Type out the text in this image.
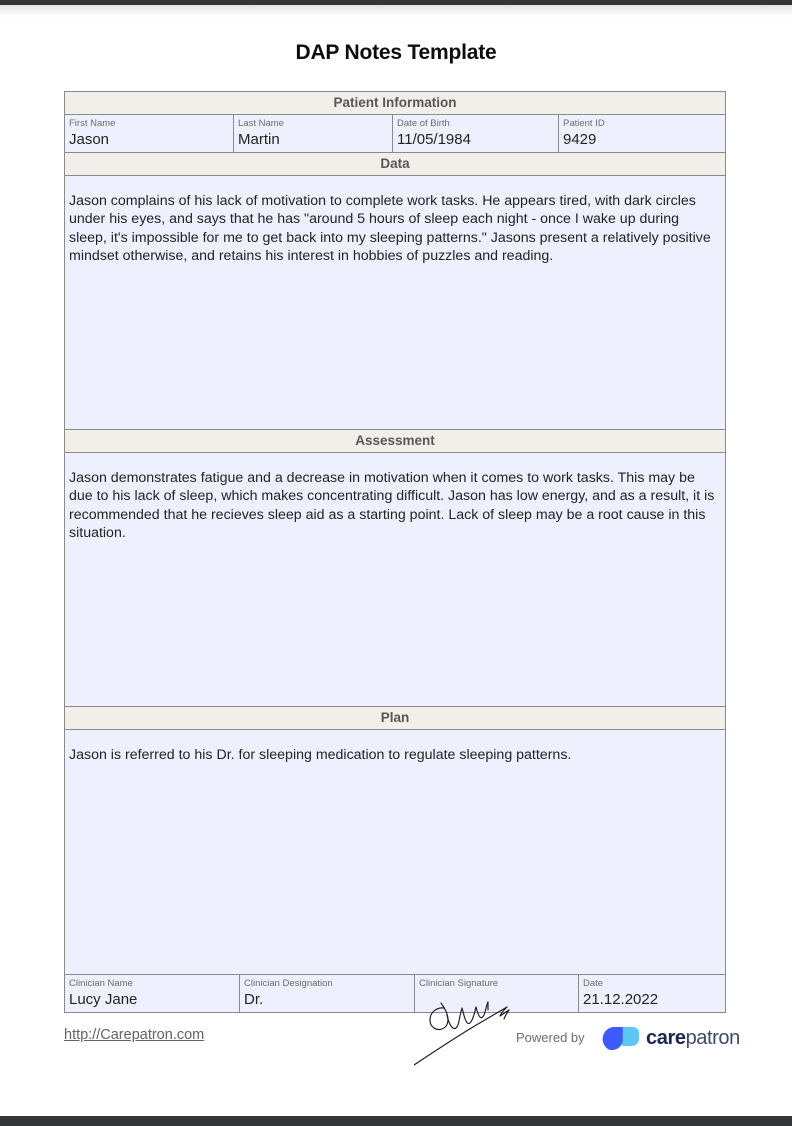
DAP Notes Template
Patient Information
First Name
Jason
Last Name
Martin
Date of Birth
11/05/1984
Patient ID
9429
Data

Jason complains of his lack of motivation to complete work tasks. He appears tired, with dark circles under his eyes, and says that he has "around 5 hours of sleep each night - once I wake up during sleep, it's impossible for me to get back into my sleeping patterns." Jasons present a relatively positive mindset otherwise, and retains his interest in hobbies of puzzles and reading.

Assessment

Jason demonstrates fatigue and a decrease in motivation when it comes to work tasks. This may be due to his lack of sleep, which makes concentrating difficult. Jason has low energy, and as a result, it is recommended that he recieves sleep aid as a starting point. Lack of sleep may be a root cause in this situation.

Plan

Jason is referred to his Dr. for sleeping medication to regulate sleeping patterns.

Clinician Name
Lucy Jane
Clinician Designation
Dr.
Clinician Signature	Date
21.12.2022
http://Carepatron.com	Powered by	carepatron
